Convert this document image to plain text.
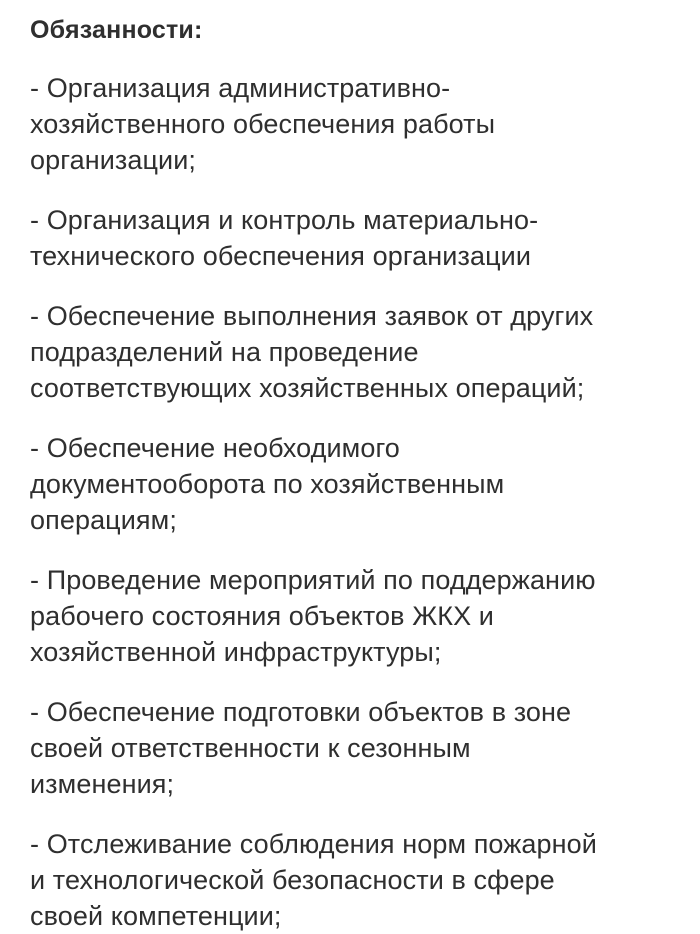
Обязанности:
- Организация административно-
хозяйственного обеспечения работы
организации;
- Организация и контроль материально-
технического обеспечения организации
- Обеспечение выполнения заявок от других
подразделений на проведение
соответствующих хозяйственных операций;
- Обеспечение необходимого
документооборота по хозяйственным
операциям;
- Проведение мероприятий по поддержанию
рабочего состояния объектов ЖКХ и
хозяйственной инфраструктуры;
- Обеспечение подготовки объектов в зоне
своей ответственности к сезонным
изменения;
- Отслеживание соблюдения норм пожарной
и технологической безопасности в сфере
своей компетенции;
